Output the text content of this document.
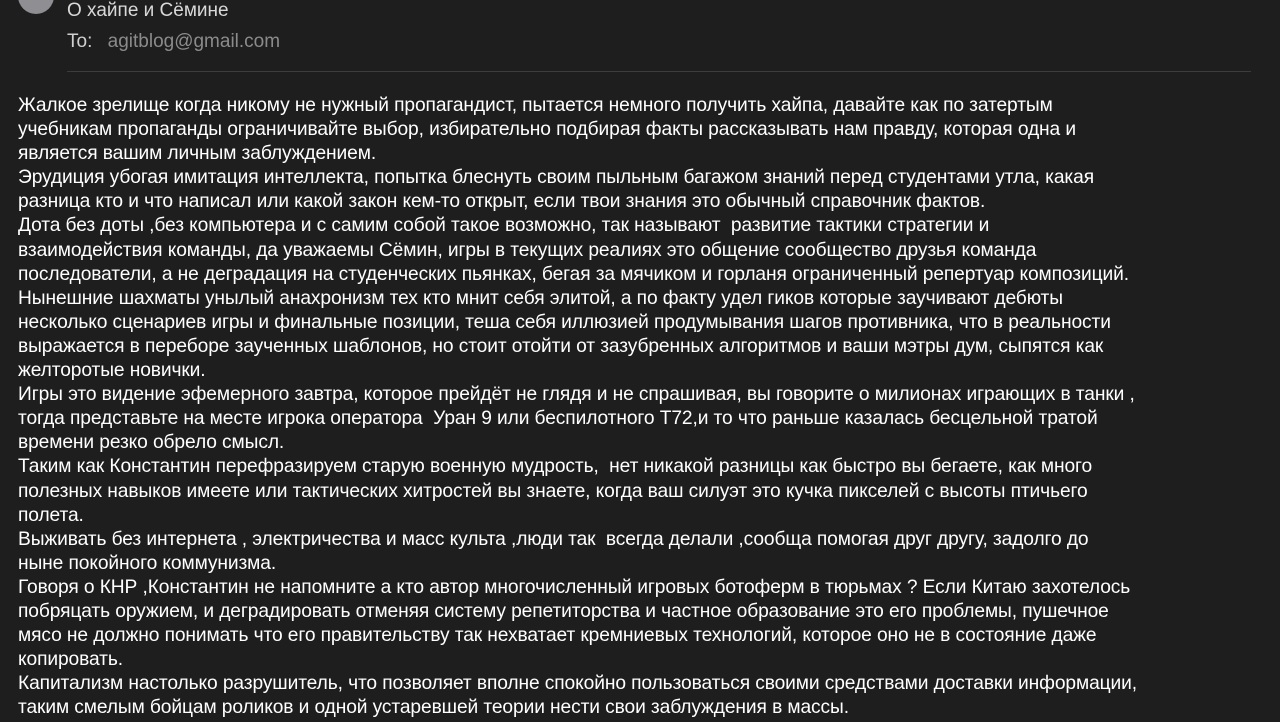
О хайпе и Сёмине
To: agitblog@gmail.com

Жалкое зрелище когда никому не нужный пропагандист, пытается немного получить хайпа, давайте как по затертым
учебникам пропаганды ограничивайте выбор, избирательно подбирая факты рассказывать нам правду, которая одна и
является вашим личным заблуждением.

Эрудиция убогая имитация интеллекта, попытка блеснуть своим пыльным багажом знаний перед студентами утла, какая
разница кто и что написал или какой закон кем-то открыт, если твои знания это обычный справочник фактов.

Дота без доты ,без компьютера и с самим собой такое возможно, так называют  развитие тактики стратегии и
взаимодействия команды, да уважаемы Сёмин, игры в текущих реалиях это общение сообщество друзья команда
последователи, а не деградация на студенческих пьянках, бегая за мячиком и горланя ограниченный репертуар композиций.

Нынешние шахматы унылый анахронизм тех кто мнит себя элитой, а по факту удел гиков которые заучивают дебюты
несколько сценариев игры и финальные позиции, теша себя иллюзией продумывания шагов противника, что в реальности
выражается в переборе заученных шаблонов, но стоит отойти от зазубренных алгоритмов и ваши мэтры дум, сыпятся как
желторотые новички.

Игры это видение эфемерного завтра, которое прейдёт не глядя и не спрашивая, вы говорите о милионах играющих в танки ,
тогда представьте на месте игрока оператора  Уран 9 или беспилотного Т72,и то что раньше казалась бесцельной тратой
времени резко обрело смысл.

Таким как Константин перефразируем старую военную мудрость,  нет никакой разницы как быстро вы бегаете, как много
полезных навыков имеете или тактических хитростей вы знаете, когда ваш силуэт это кучка пикселей с высоты птичьего
полета.

Выживать без интернета , электричества и масс культа ,люди так  всегда делали ,сообща помогая друг другу, задолго до
ныне покойного коммунизма.

Говоря о КНР ,Константин не напомните а кто автор многочисленный игровых ботоферм в тюрьмах ? Если Китаю захотелось
побряцать оружием, и деградировать отменяя систему репетиторства и частное образование это его проблемы, пушечное
мясо не должно понимать что его правительству так нехватает кремниевых технологий, которое оно не в состояние даже
копировать.

Капитализм настолько разрушитель, что позволяет вполне спокойно пользоваться своими средствами доставки информации,
таким смелым бойцам роликов и одной устаревшей теории нести свои заблуждения в массы.
